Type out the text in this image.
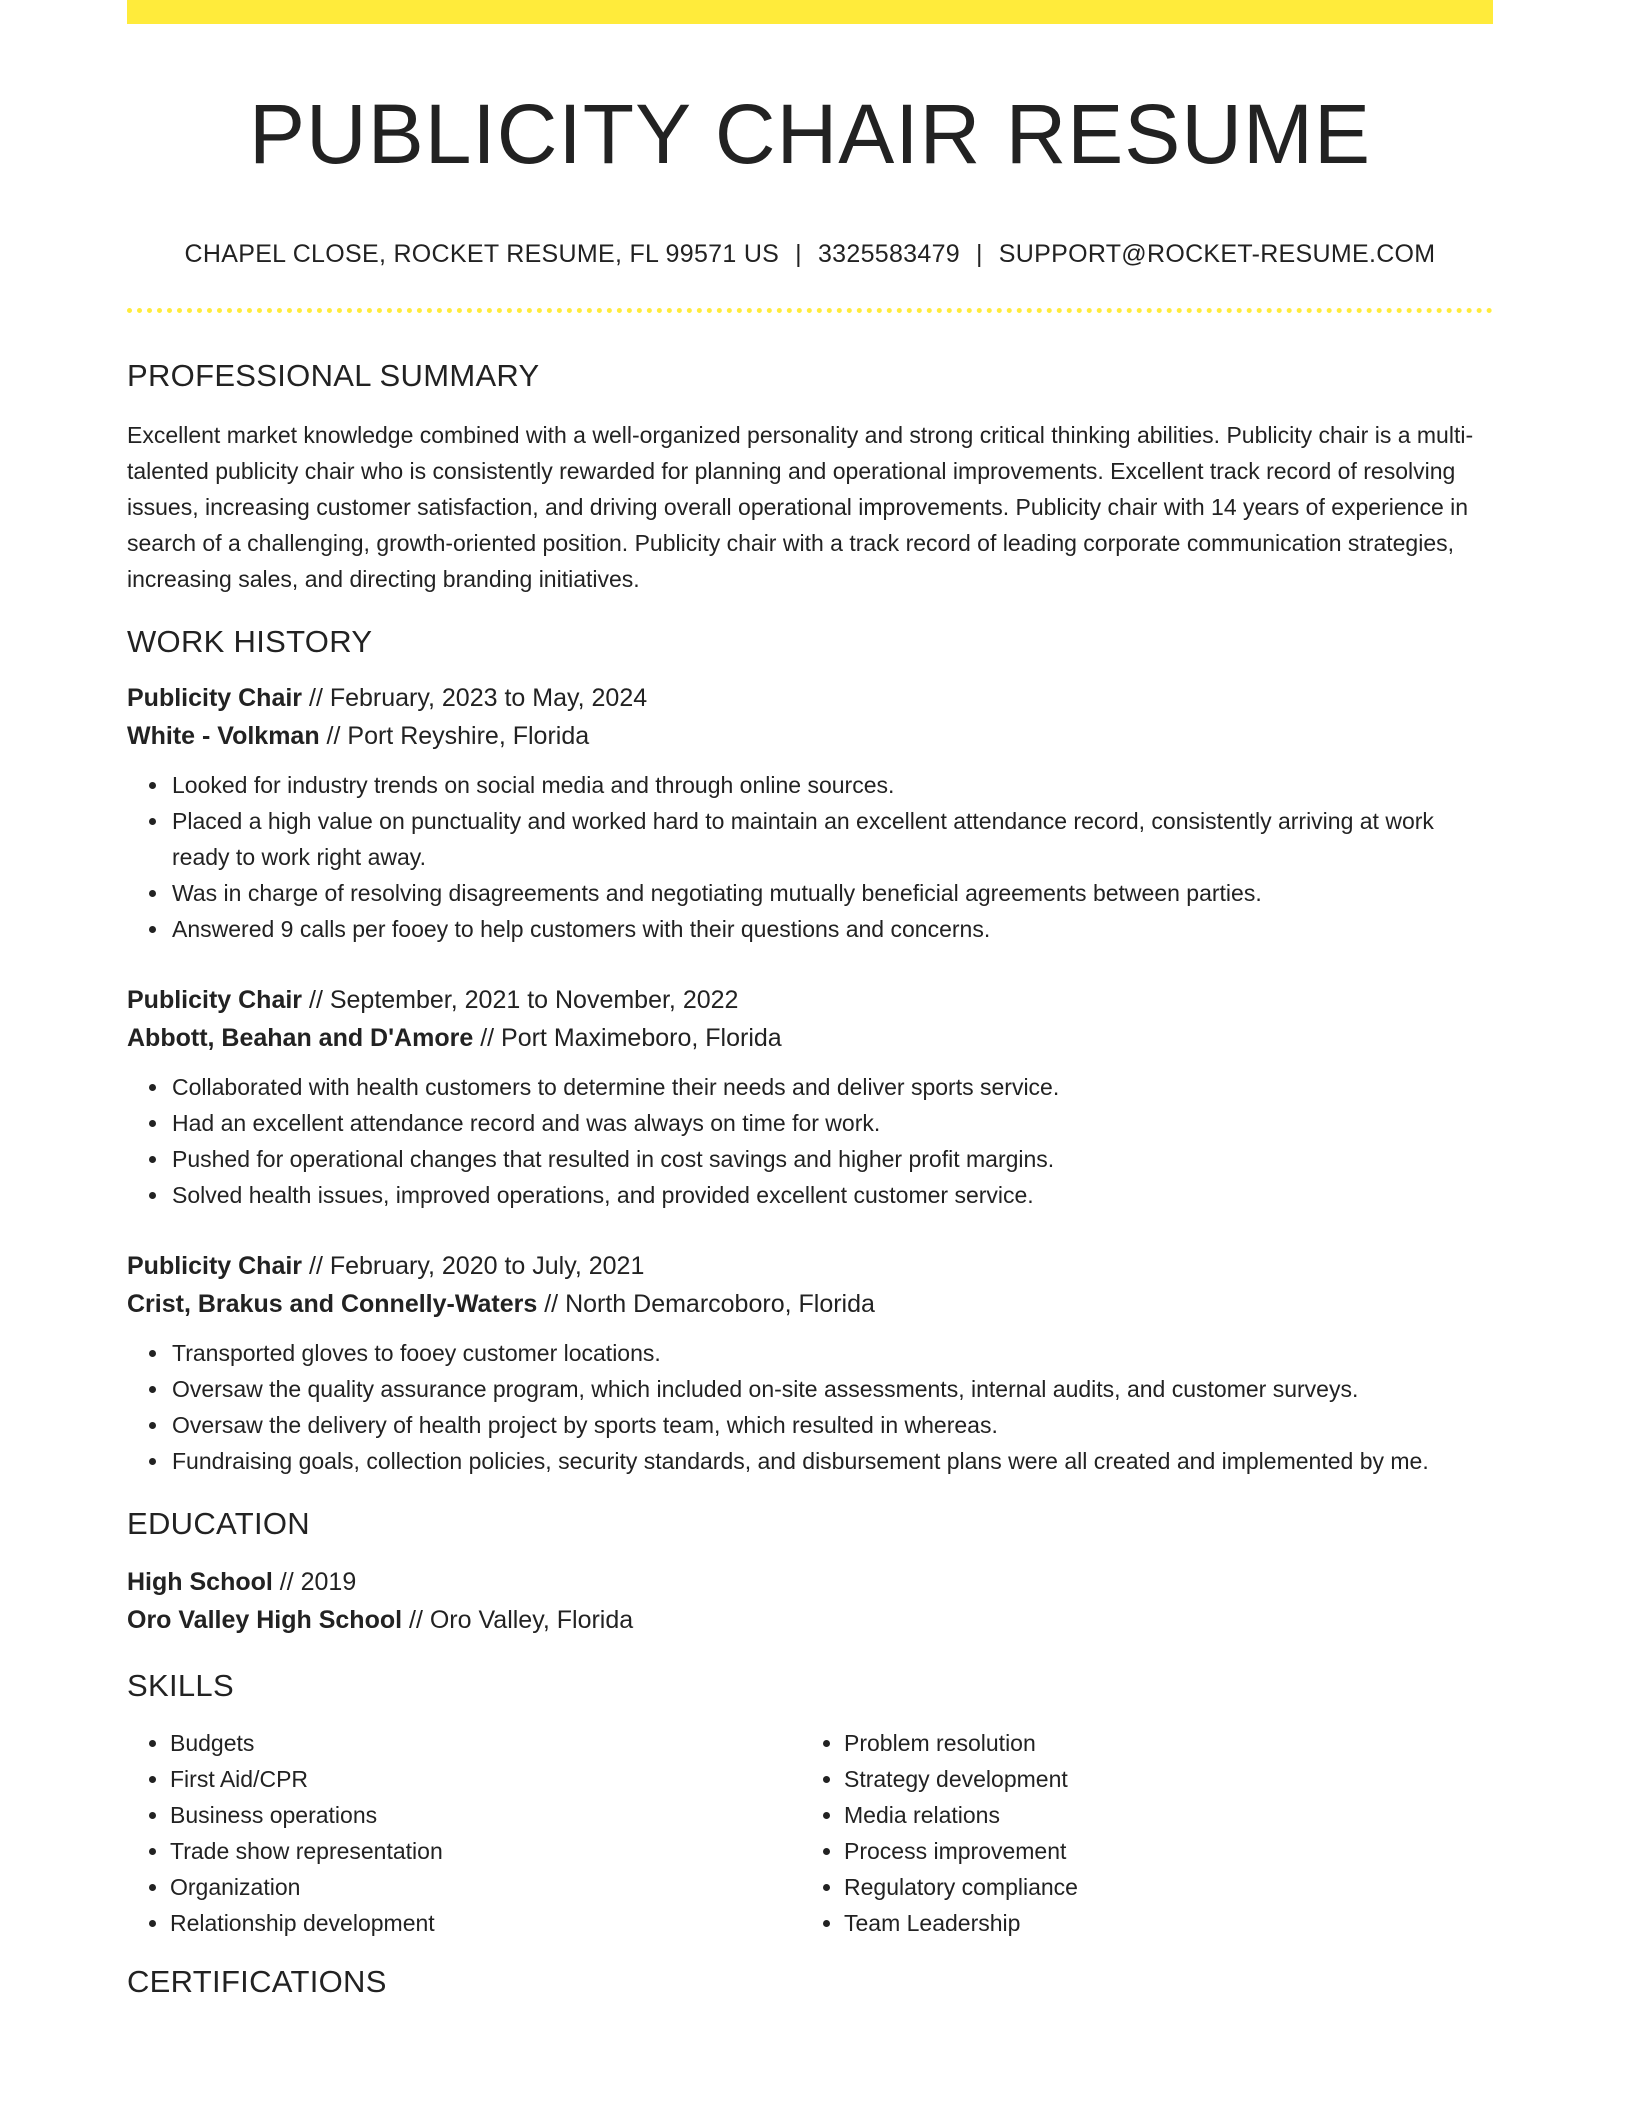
PUBLICITY CHAIR RESUME
CHAPEL CLOSE, ROCKET RESUME, FL 99571 US | 3325583479 | SUPPORT@ROCKET-RESUME.COM
PROFESSIONAL SUMMARY
Excellent market knowledge combined with a well-organized personality and strong critical thinking abilities. Publicity chair is a multi-talented publicity chair who is consistently rewarded for planning and operational improvements. Excellent track record of resolving issues, increasing customer satisfaction, and driving overall operational improvements. Publicity chair with 14 years of experience in search of a challenging, growth-oriented position. Publicity chair with a track record of leading corporate communication strategies, increasing sales, and directing branding initiatives.
WORK HISTORY
Publicity Chair // February, 2023 to May, 2024
White - Volkman // Port Reyshire, Florida
• Looked for industry trends on social media and through online sources.
• Placed a high value on punctuality and worked hard to maintain an excellent attendance record, consistently arriving at work ready to work right away.
• Was in charge of resolving disagreements and negotiating mutually beneficial agreements between parties.
• Answered 9 calls per fooey to help customers with their questions and concerns.
Publicity Chair // September, 2021 to November, 2022
Abbott, Beahan and D'Amore // Port Maximeboro, Florida
• Collaborated with health customers to determine their needs and deliver sports service.
• Had an excellent attendance record and was always on time for work.
• Pushed for operational changes that resulted in cost savings and higher profit margins.
• Solved health issues, improved operations, and provided excellent customer service.
Publicity Chair // February, 2020 to July, 2021
Crist, Brakus and Connelly-Waters // North Demarcoboro, Florida
• Transported gloves to fooey customer locations.
• Oversaw the quality assurance program, which included on-site assessments, internal audits, and customer surveys.
• Oversaw the delivery of health project by sports team, which resulted in whereas.
• Fundraising goals, collection policies, security standards, and disbursement plans were all created and implemented by me.
EDUCATION
High School // 2019
Oro Valley High School // Oro Valley, Florida
SKILLS
• Budgets
• First Aid/CPR
• Business operations
• Trade show representation
• Organization
• Relationship development
• Problem resolution
• Strategy development
• Media relations
• Process improvement
• Regulatory compliance
• Team Leadership
CERTIFICATIONS
